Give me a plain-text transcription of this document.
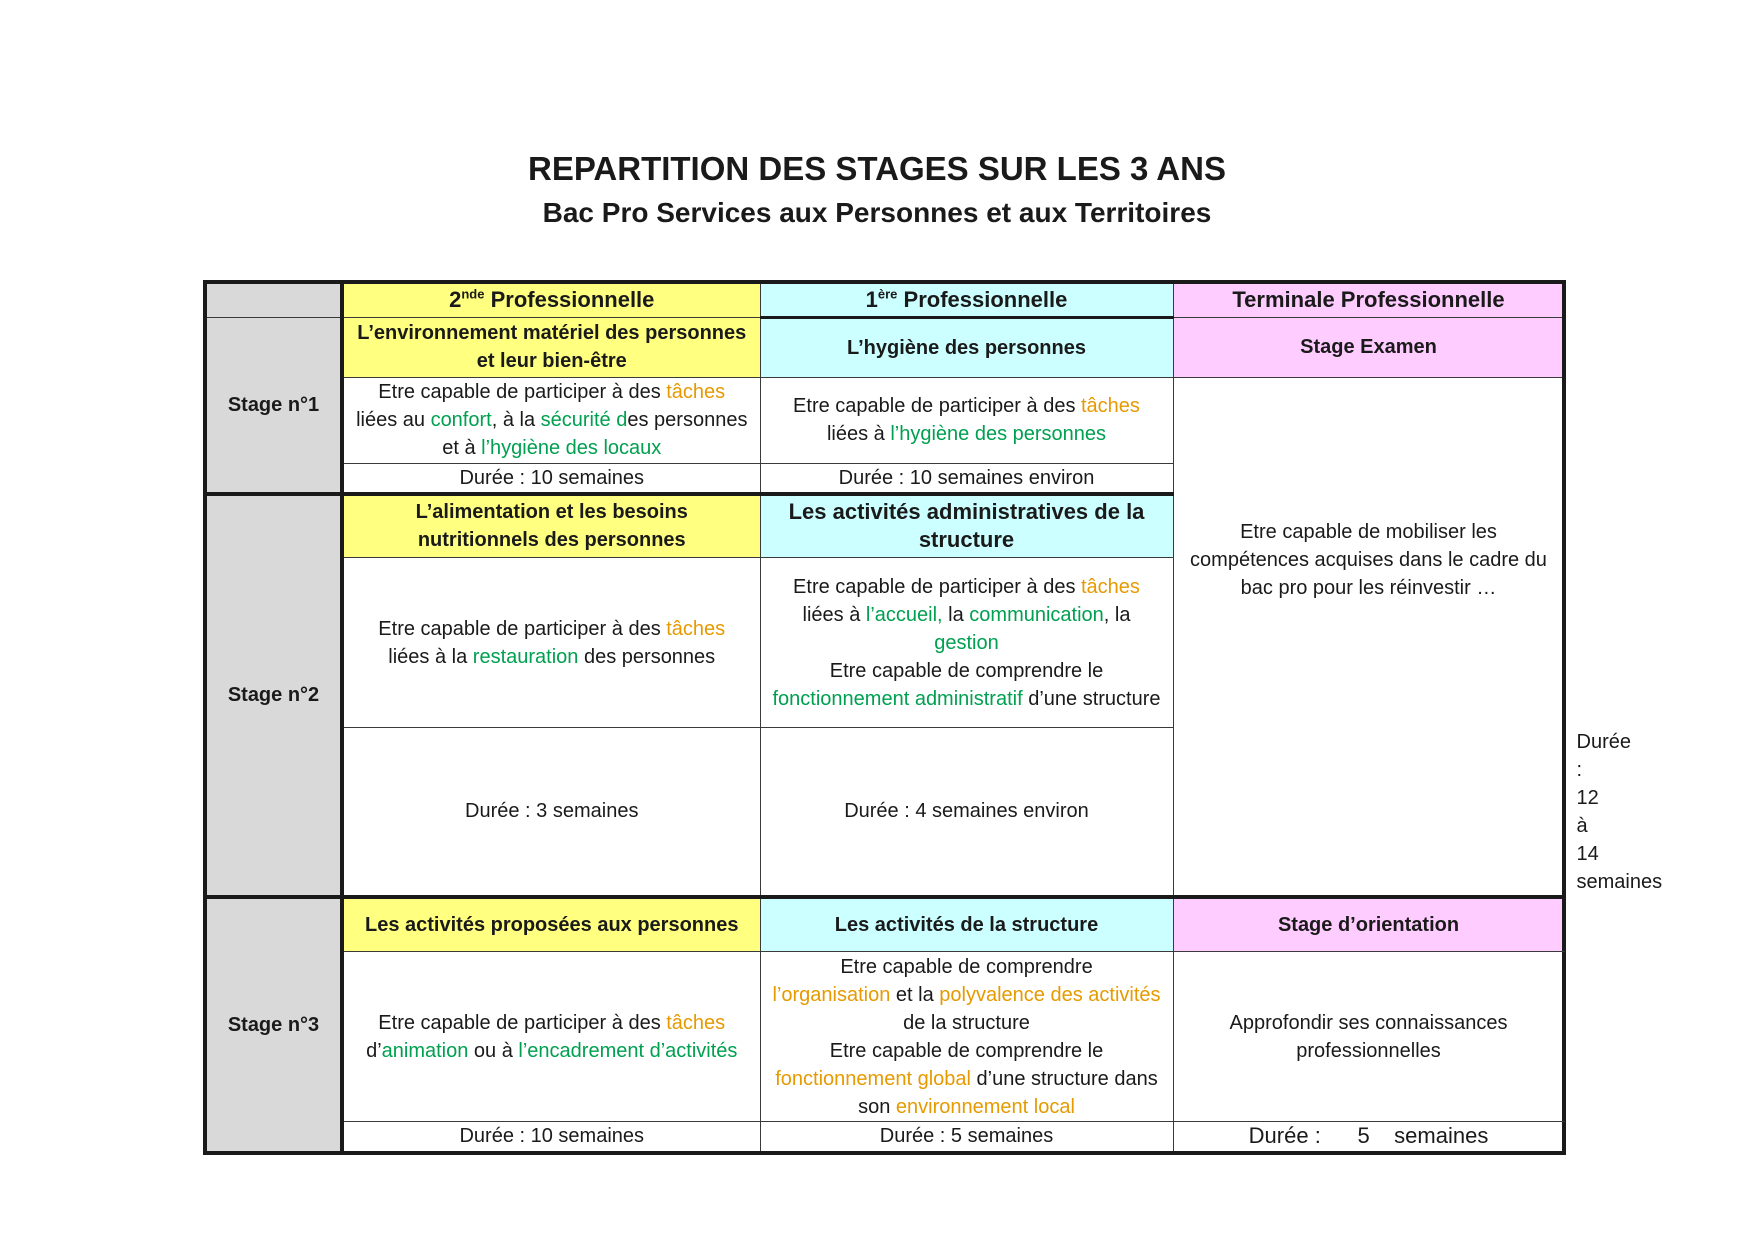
REPARTITION DES STAGES SUR LES 3 ANS
Bac Pro Services aux Personnes et aux Territoires
	2nde Professionnelle	1ère Professionnelle	Terminale Professionnelle	
Stage n°1	L’environnement matériel des personnes et leur bien-être	L’hygiène des personnes	Stage Examen	
	Etre capable de participer à des tâches liées au confort, à la sécurité des personnes et à l’hygiène des locaux	Etre capable de participer à des tâches liées à l’hygiène des personnes	Etre capable de mobiliser les compétences acquises dans le cadre du bac pro pour les réinvestir …	
	Durée : 10 semaines	Durée : 10 semaines environ		
Stage n°2	L’alimentation et les besoins nutritionnels des personnes	Les activités administratives de la structure		
	Etre capable de participer à des tâches liées à la restauration des personnes	Etre capable de participer à des tâches
liées à l’accueil, la communication, la
gestion
Etre capable de comprendre le
fonctionnement administratif d’une structure		
	Durée : 3 semaines	Durée : 4 semaines environ		Durée : 12 à 14 semaines
Stage n°3	Les activités proposées aux personnes	Les activités de la structure	Stage d’orientation	
	Etre capable de participer à des tâches
d’animation ou à l’encadrement d’activités	Etre capable de comprendre
l’organisation et la polyvalence des activités de la structure
Etre capable de comprendre le
fonctionnement global d’une structure dans son environnement local	Approfondir ses connaissances professionnelles	
	Durée : 10 semaines	Durée : 5 semaines	Durée :      5    semaines	
